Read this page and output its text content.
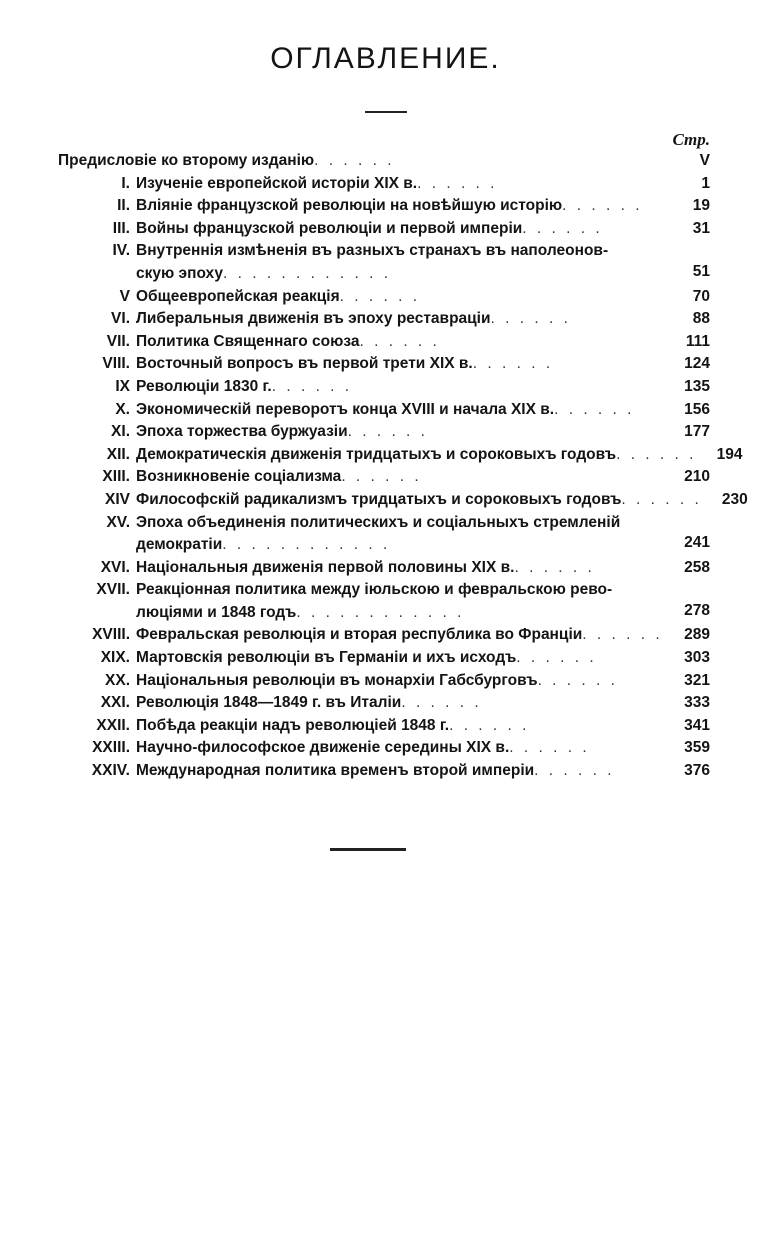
ОГЛАВЛЕНИЕ.
Стр.
Предисловіе ко второму изданію. . . . . .	V
I. Изученіе европейской исторіи XIX в.. . . . . .	1
II. Вліяніе французской революціи на новѣйшую исторію. . . . . .	19
III. Войны французской революціи и первой имперіи. . . . . .	31
IV. Внутреннія измѣненія въ разныхъ странахъ въ наполеонов-
скую эпоху. . . . . . . . . . . .	51
V Общеевропейская реакція. . . . . .	70
VI. Либеральныя движенія въ эпоху реставраціи. . . . . .	88
VII. Политика Священнаго союза. . . . . .	111
VIII. Восточный вопросъ въ первой трети XIX в.. . . . . .	124
IX Революціи 1830 г.. . . . . .	135
X. Экономическій переворотъ конца XVIII и начала XIX в.. . . . . .	156
XI. Эпоха торжества буржуазіи. . . . . .	177
XII. Демократическія движенія тридцатыхъ и сороковыхъ годовъ. . . . . .	194
XIII. Возникновеніе соціализма. . . . . .	210
XIV Философскій радикализмъ тридцатыхъ и сороковыхъ годовъ. . . . . .	230
XV. Эпоха объединенія политическихъ и соціальныхъ стремленій
демократіи. . . . . . . . . . . .	241
XVI. Національныя движенія первой половины XIX в.. . . . . .	258
XVII. Реакціонная политика между іюльскою и февральскою рево-
люціями и 1848 годъ. . . . . . . . . . . .	278
XVIII. Февральская революція и вторая республика во Франціи. . . . . .	289
XIX. Мартовскія революціи въ Германіи и ихъ исходъ. . . . . .	303
XX. Національныя революціи въ монархіи Габсбурговъ. . . . . .	321
XXI. Революція 1848—1849 г. въ Италіи. . . . . .	333
XXII. Побѣда реакціи надъ революціей 1848 г.. . . . . .	341
XXIII. Научно-философское движеніе середины XIX в.. . . . . .	359
XXIV. Международная политика временъ второй имперіи. . . . . .	376
